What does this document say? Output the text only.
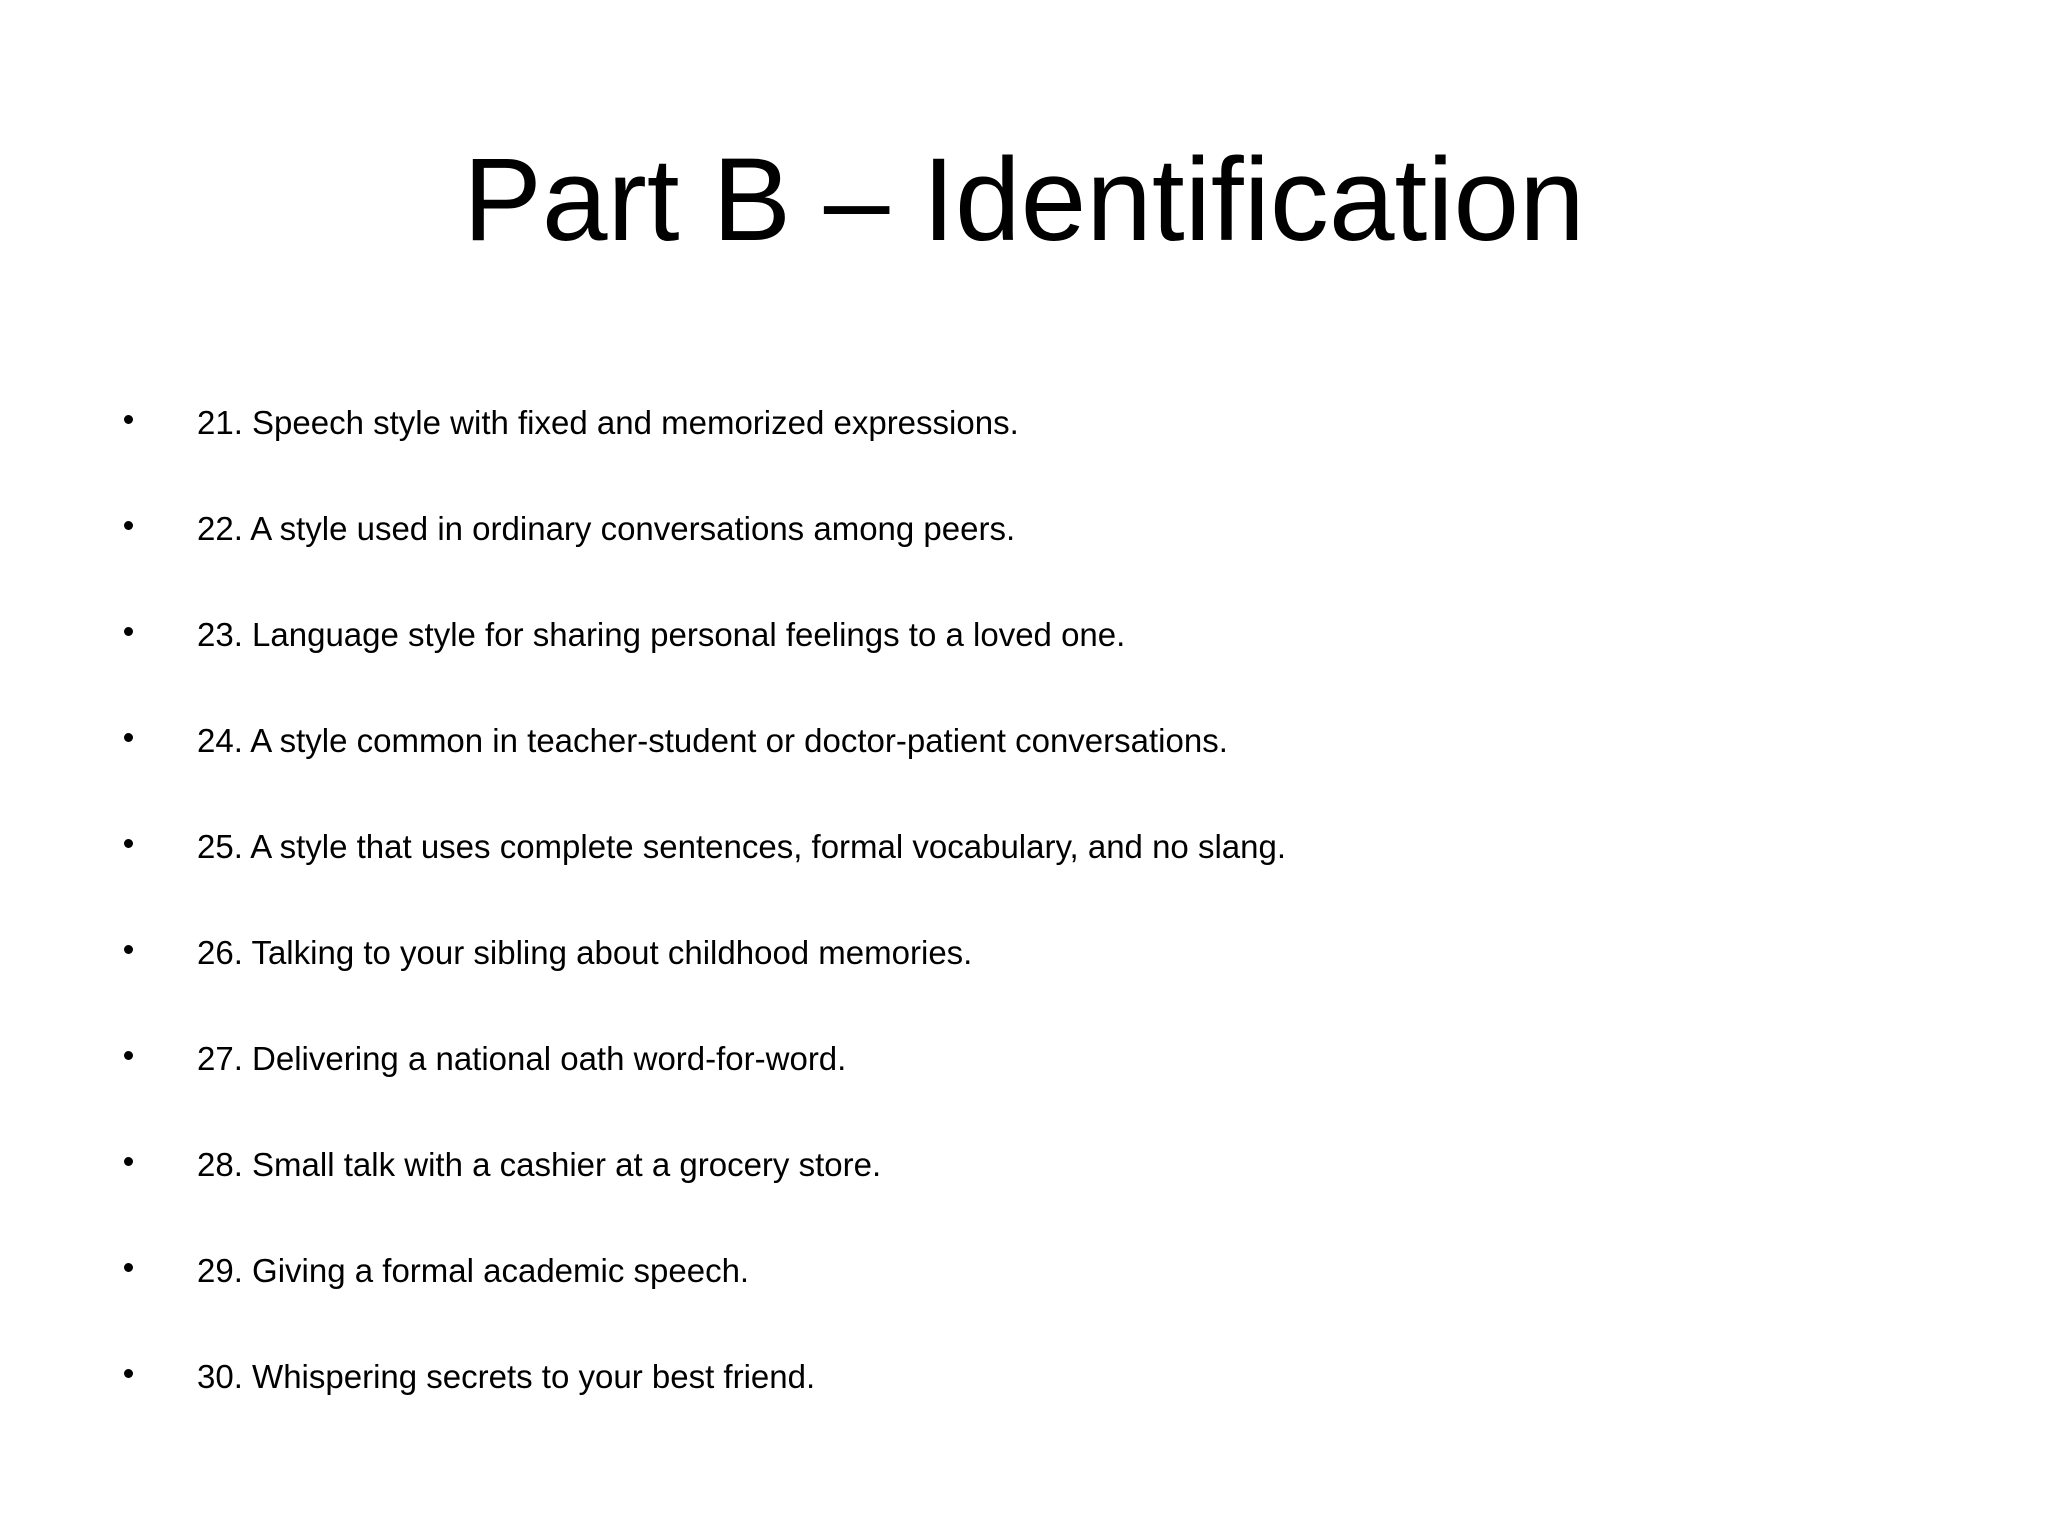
Part B – Identification
21. Speech style with fixed and memorized expressions.
22. A style used in ordinary conversations among peers.
23. Language style for sharing personal feelings to a loved one.
24. A style common in teacher-student or doctor-patient conversations.
25. A style that uses complete sentences, formal vocabulary, and no slang.
26. Talking to your sibling about childhood memories.
27. Delivering a national oath word-for-word.
28. Small talk with a cashier at a grocery store.
29. Giving a formal academic speech.
30. Whispering secrets to your best friend.
